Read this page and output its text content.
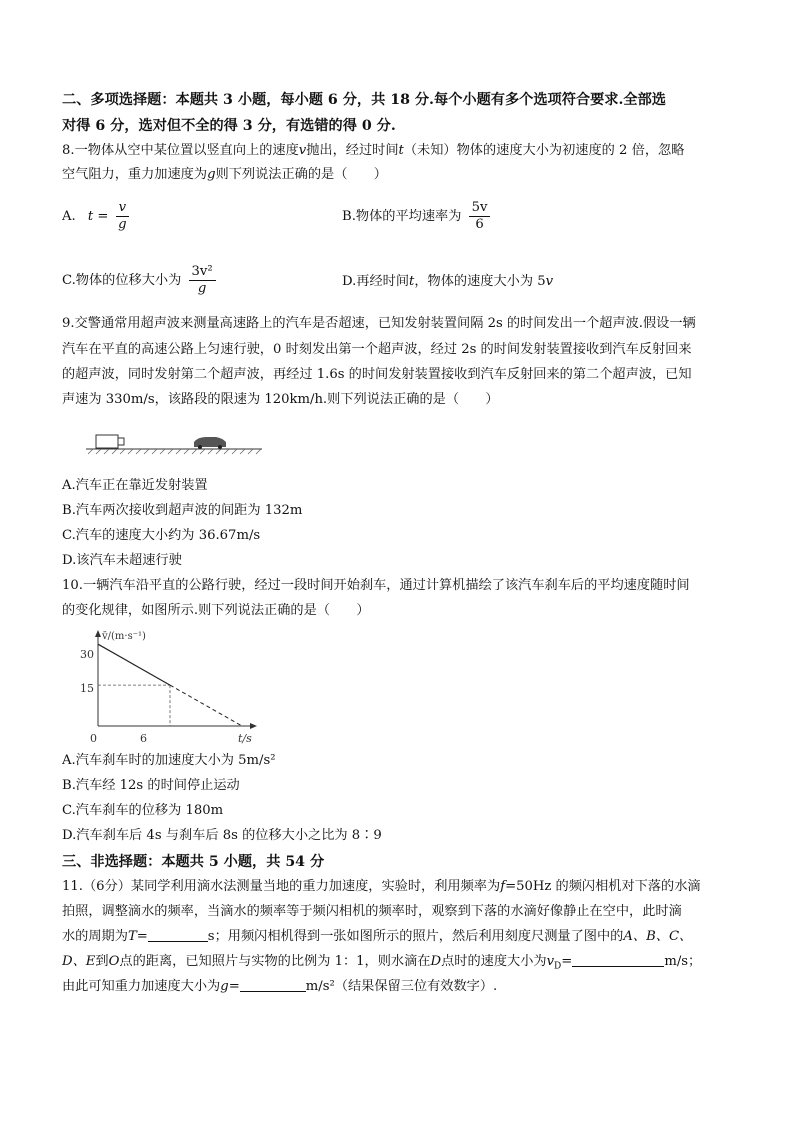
二、多项选择题：本题共 3 小题，每小题 6 分，共 18 分.每个小题有多个选项符合要求.全部选
对得 6 分，选对但不全的得 3 分，有选错的得 0 分.
8.一物体从空中某位置以竖直向上的速度v抛出，经过时间t（未知）物体的速度大小为初速度的 2 倍，忽略
空气阻力，重力加速度为g则下列说法正确的是（　　）
A. $t = \frac{v}{g}$	B.物体的平均速率为 $\frac{5v}{6}$
C.物体的位移大小为 $\frac{\text{3v²}}{g}$	D.再经时间t，物体的速度大小为 5v
9.交警通常用超声波来测量高速路上的汽车是否超速，已知发射装置间隔 2s 的时间发出一个超声波.假设一辆
汽车在平直的高速公路上匀速行驶，0 时刻发出第一个超声波，经过 2s 的时间发射装置接收到汽车反射回来
的超声波，同时发射第二个超声波，再经过 1.6s 的时间发射装置接收到汽车反射回来的第二个超声波，已知
声速为 330m/s，该路段的限速为 120km/h.则下列说法正确的是（　　）
A.汽车正在靠近发射装置
B.汽车两次接收到超声波的间距为 132m
C.汽车的速度大小约为 36.67m/s
D.该汽车未超速行驶
10.一辆汽车沿平直的公路行驶，经过一段时间开始刹车，通过计算机描绘了该汽车刹车后的平均速度随时间
的变化规律，如图所示.则下列说法正确的是（　　）
v̄/(m·s⁻¹)
t/s
30
15
0	6
A.汽车刹车时的加速度大小为 5m/s²
B.汽车经 12s 的时间停止运动
C.汽车刹车的位移为 180m
D.汽车刹车后 4s 与刹车后 8s 的位移大小之比为 8∶9
三、非选择题：本题共 5 小题，共 54 分
11.（6分）某同学利用滴水法测量当地的重力加速度，实验时，利用频率为f=50Hz 的频闪相机对下落的水滴
拍照，调整滴水的频率，当滴水的频率等于频闪相机的频率时，观察到下落的水滴好像静止在空中，此时滴
水的周期为T=	s；用频闪相机得到一张如图所示的照片，然后利用刻度尺测量了图中的A、B、C、
D、E到O点的距离，已知照片与实物的比例为 1：1，则水滴在D点时的速度大小为$v_D=$	m/s；
由此可知重力加速度大小为g=	m/s²（结果保留三位有效数字）.
